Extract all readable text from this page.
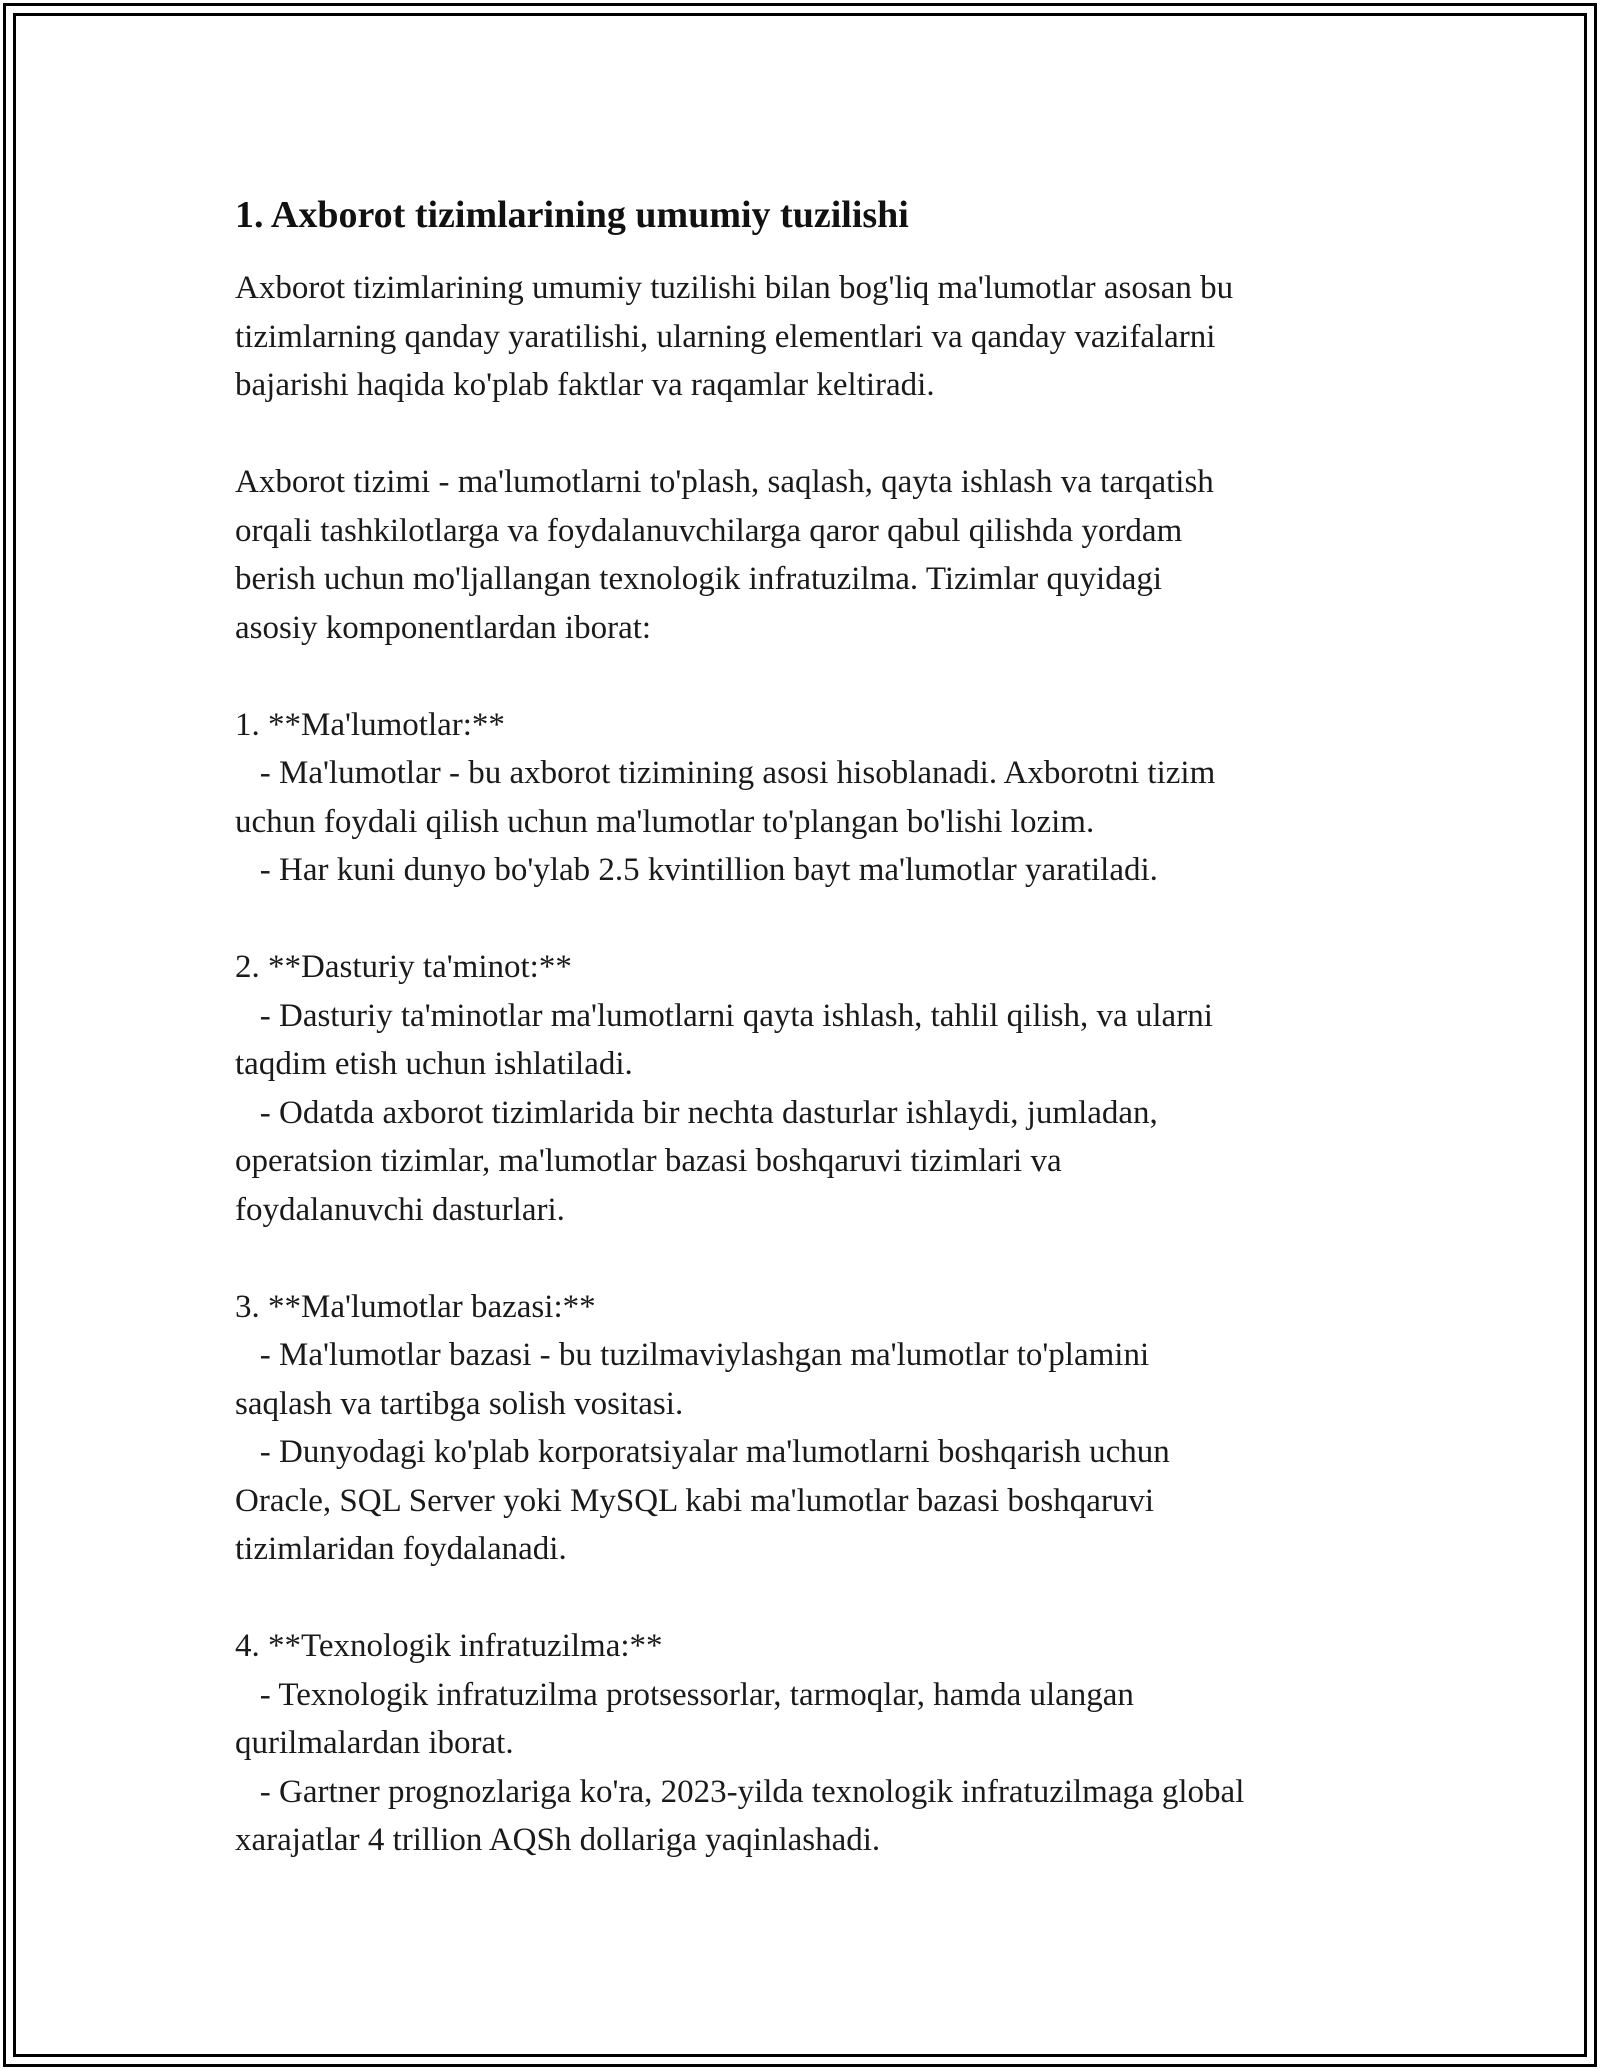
1. Axborot tizimlarining umumiy tuzilishi
Axborot tizimlarining umumiy tuzilishi bilan bog'liq ma'lumotlar asosan bu
tizimlarning qanday yaratilishi, ularning elementlari va qanday vazifalarni
bajarishi haqida ko'plab faktlar va raqamlar keltiradi.
Axborot tizimi - ma'lumotlarni to'plash, saqlash, qayta ishlash va tarqatish
orqali tashkilotlarga va foydalanuvchilarga qaror qabul qilishda yordam
berish uchun mo'ljallangan texnologik infratuzilma. Tizimlar quyidagi
asosiy komponentlardan iborat:
1. **Ma'lumotlar:**
- Ma'lumotlar - bu axborot tizimining asosi hisoblanadi. Axborotni tizim
uchun foydali qilish uchun ma'lumotlar to'plangan bo'lishi lozim.
- Har kuni dunyo bo'ylab 2.5 kvintillion bayt ma'lumotlar yaratiladi.
2. **Dasturiy ta'minot:**
- Dasturiy ta'minotlar ma'lumotlarni qayta ishlash, tahlil qilish, va ularni
taqdim etish uchun ishlatiladi.
- Odatda axborot tizimlarida bir nechta dasturlar ishlaydi, jumladan,
operatsion tizimlar, ma'lumotlar bazasi boshqaruvi tizimlari va
foydalanuvchi dasturlari.
3. **Ma'lumotlar bazasi:**
- Ma'lumotlar bazasi - bu tuzilmaviylashgan ma'lumotlar to'plamini
saqlash va tartibga solish vositasi.
- Dunyodagi ko'plab korporatsiyalar ma'lumotlarni boshqarish uchun
Oracle, SQL Server yoki MySQL kabi ma'lumotlar bazasi boshqaruvi
tizimlaridan foydalanadi.
4. **Texnologik infratuzilma:**
- Texnologik infratuzilma protsessorlar, tarmoqlar, hamda ulangan
qurilmalardan iborat.
- Gartner prognozlariga ko'ra, 2023-yilda texnologik infratuzilmaga global
xarajatlar 4 trillion AQSh dollariga yaqinlashadi.
